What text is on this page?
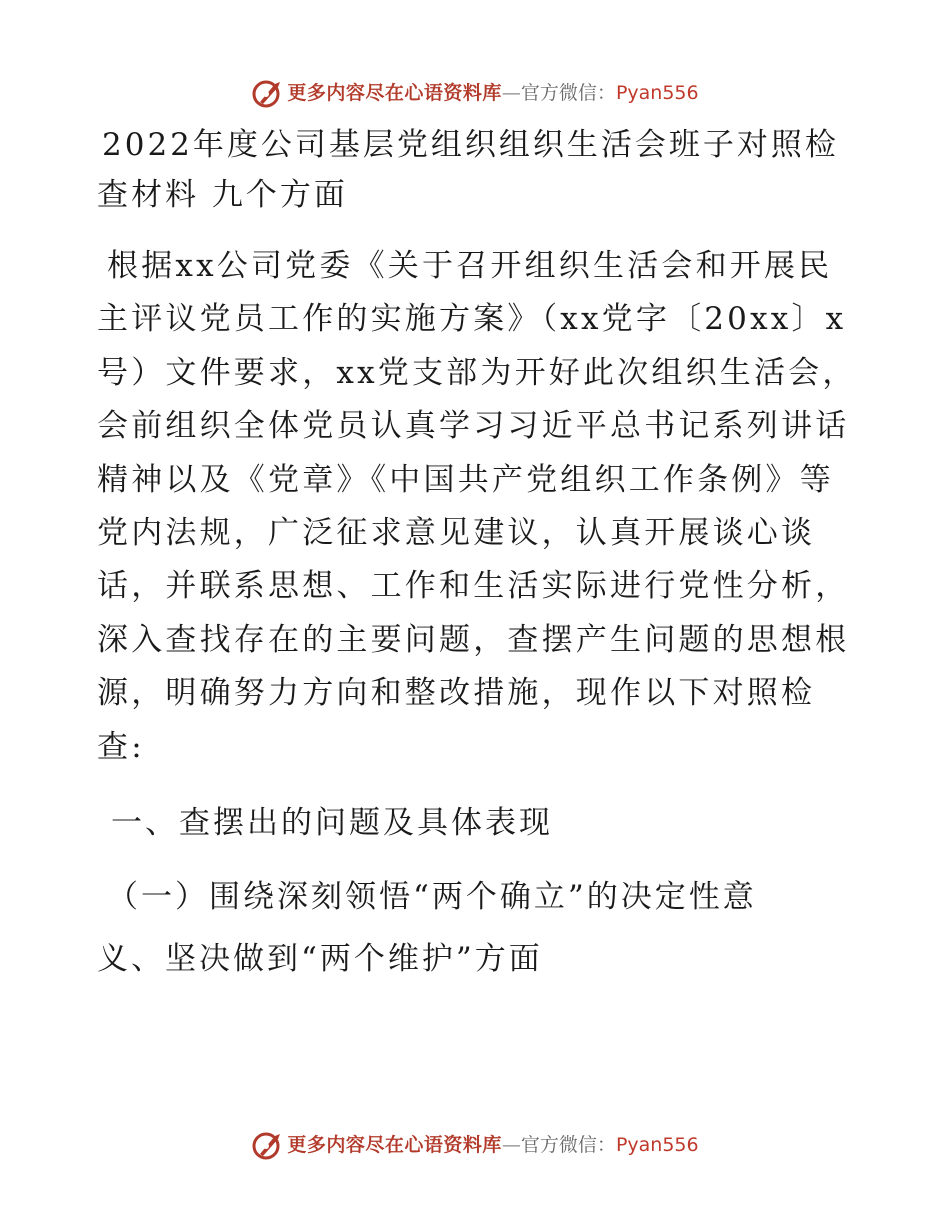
更多内容尽在心语资料库 — 官方微信： Pyan556
2022年度公司基层党组织组织生活会班子对照检查材料 九个方面

根据xx公司党委《关于召开组织生活会和开展民主评议党员工作的实施方案》（xx党字〔20xx〕x号）文件要求，xx党支部为开好此次组织生活会，会前组织全体党员认真学习习近平总书记系列讲话精神以及《党章》《中国共产党组织工作条例》等党内法规，广泛征求意见建议，认真开展谈心谈话，并联系思想、工作和生活实际进行党性分析，深入查找存在的主要问题，查摆产生问题的思想根源，明确努力方向和整改措施，现作以下对照检查:

一、查摆出的问题及具体表现

（一）围绕深刻领悟“两个确立”的决定性意义、坚决做到“两个维护”方面

更多内容尽在心语资料库 — 官方微信： Pyan556
